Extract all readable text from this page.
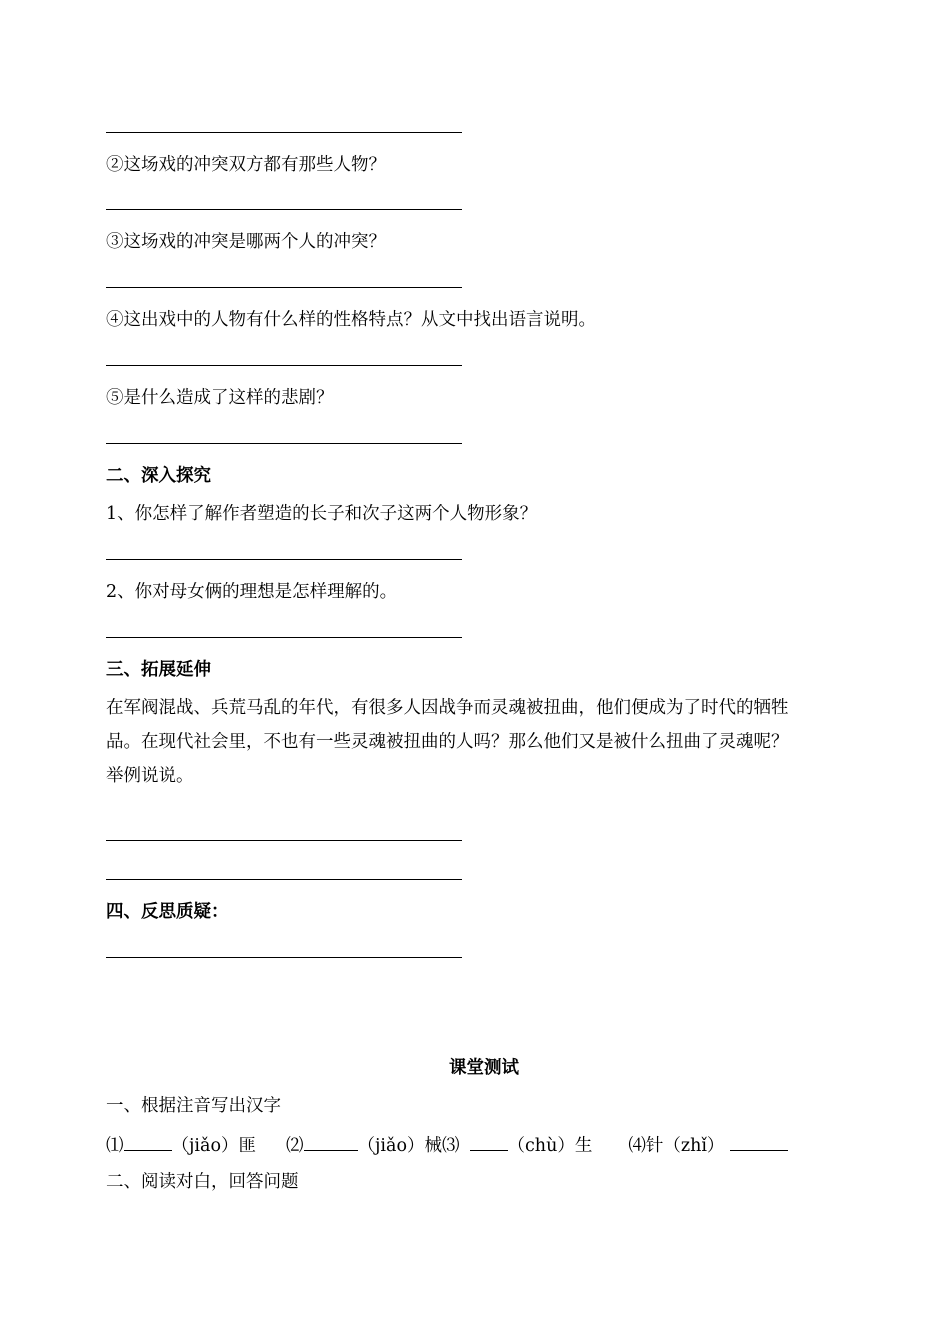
②这场戏的冲突双方都有那些人物？
③这场戏的冲突是哪两个人的冲突？
④这出戏中的人物有什么样的性格特点？从文中找出语言说明。
⑤是什么造成了这样的悲剧？
二、深入探究
1、你怎样了解作者塑造的长子和次子这两个人物形象？
2、你对母女俩的理想是怎样理解的。
三、拓展延伸
在军阀混战、兵荒马乱的年代，有很多人因战争而灵魂被扭曲，他们便成为了时代的牺牲
品。在现代社会里，不也有一些灵魂被扭曲的人吗？那么他们又是被什么扭曲了灵魂呢？
举例说说。
四、反思质疑：
课堂测试
一、根据注音写出汉字
⑴	（jiǎo）匪 ⑵	（jiǎo）械⑶	（chù）生 ⑷针（zhǐ）
二、阅读对白，回答问题
